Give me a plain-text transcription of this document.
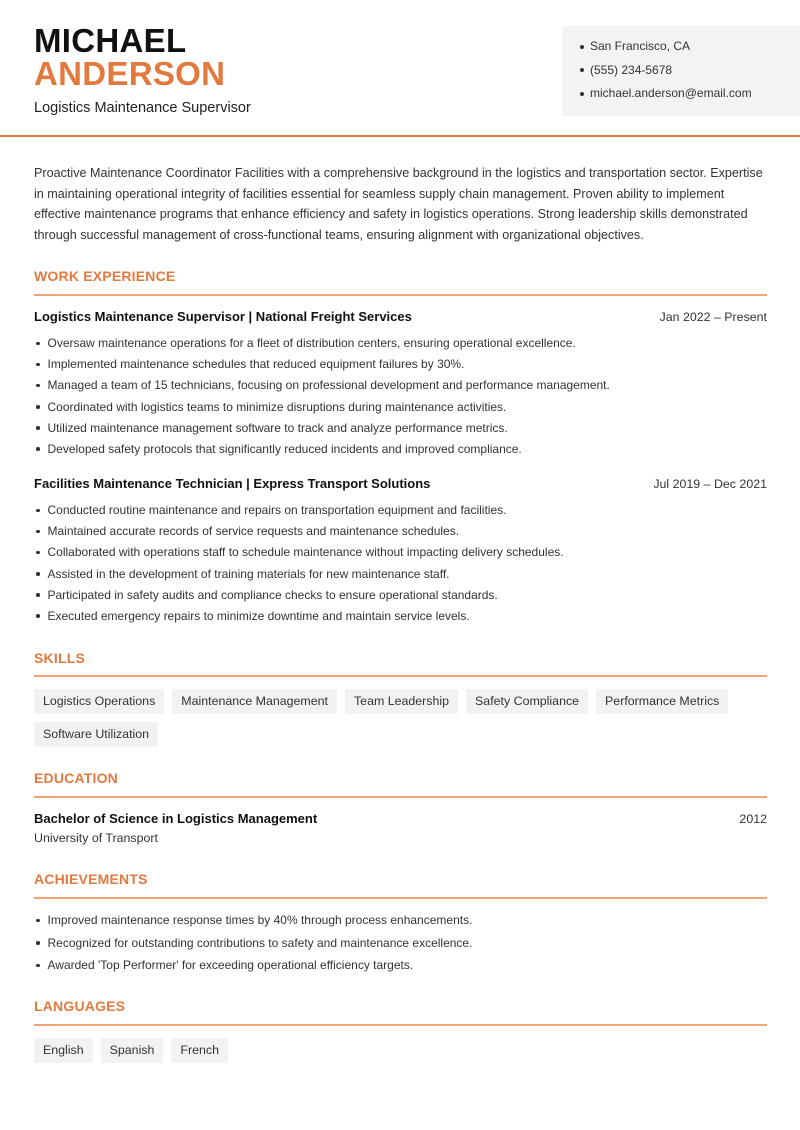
MICHAEL
ANDERSON
Logistics Maintenance Supervisor
San Francisco, CA
(555) 234-5678
michael.anderson@email.com

Proactive Maintenance Coordinator Facilities with a comprehensive background in the logistics and transportation sector. Expertise in maintaining operational integrity of facilities essential for seamless supply chain management. Proven ability to implement effective maintenance programs that enhance efficiency and safety in logistics operations. Strong leadership skills demonstrated through successful management of cross-functional teams, ensuring alignment with organizational objectives.

WORK EXPERIENCE
Logistics Maintenance Supervisor | National Freight Services	Jan 2022 – Present
Oversaw maintenance operations for a fleet of distribution centers, ensuring operational excellence.
Implemented maintenance schedules that reduced equipment failures by 30%.
Managed a team of 15 technicians, focusing on professional development and performance management.
Coordinated with logistics teams to minimize disruptions during maintenance activities.
Utilized maintenance management software to track and analyze performance metrics.
Developed safety protocols that significantly reduced incidents and improved compliance.
Facilities Maintenance Technician | Express Transport Solutions	Jul 2019 – Dec 2021
Conducted routine maintenance and repairs on transportation equipment and facilities.
Maintained accurate records of service requests and maintenance schedules.
Collaborated with operations staff to schedule maintenance without impacting delivery schedules.
Assisted in the development of training materials for new maintenance staff.
Participated in safety audits and compliance checks to ensure operational standards.
Executed emergency repairs to minimize downtime and maintain service levels.
SKILLS
Logistics Operations	Maintenance Management	Team Leadership	Safety Compliance	Performance Metrics
Software Utilization
EDUCATION
Bachelor of Science in Logistics Management	2012
University of Transport
ACHIEVEMENTS
Improved maintenance response times by 40% through process enhancements.
Recognized for outstanding contributions to safety and maintenance excellence.
Awarded 'Top Performer' for exceeding operational efficiency targets.
LANGUAGES
English	Spanish	French
